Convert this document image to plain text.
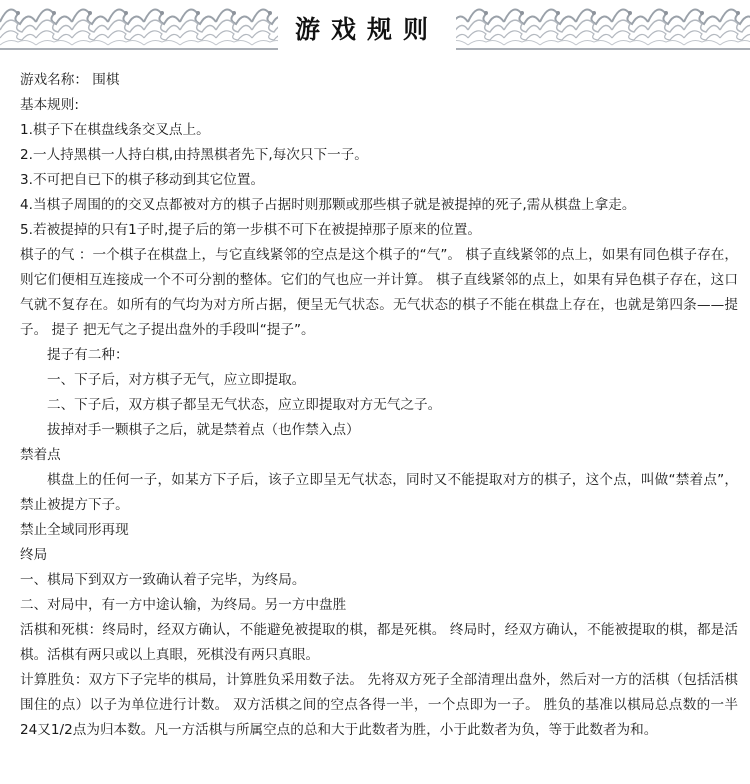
游戏规则

游戏名称： 围棋

基本规则:

1.棋子下在棋盘线条交叉点上。

2.一人持黑棋一人持白棋,由持黑棋者先下,每次只下一子。

3.不可把自已下的棋子移动到其它位置。

4.当棋子周围的的交叉点都被对方的棋子占据时则那颗或那些棋子就是被提掉的死子,需从棋盘上拿走。

5.若被提掉的只有1子时,提子后的第一步棋不可下在被提掉那子原来的位置。

棋子的气 ：一个棋子在棋盘上，与它直线紧邻的空点是这个棋子的“气”。 棋子直线紧邻的点上，如果有同色棋子存在，则它们便相互连接成一个不可分割的整体。它们的气也应一并计算。 棋子直线紧邻的点上，如果有异色棋子存在，这口气就不复存在。如所有的气均为对方所占据，便呈无气状态。无气状态的棋子不能在棋盘上存在，也就是第四条——提子。 提子 把无气之子提出盘外的手段叫“提子”。

提子有二种：

一、下子后，对方棋子无气，应立即提取。

二、下子后，双方棋子都呈无气状态，应立即提取对方无气之子。

拔掉对手一颗棋子之后，就是禁着点（也作禁入点）

禁着点

棋盘上的任何一子，如某方下子后，该子立即呈无气状态，同时又不能提取对方的棋子，这个点，叫做“禁着点”，禁止被提方下子。

禁止全域同形再现

终局

一、棋局下到双方一致确认着子完毕，为终局。

二、对局中，有一方中途认输，为终局。另一方中盘胜

活棋和死棋：终局时，经双方确认，不能避免被提取的棋，都是死棋。 终局时，经双方确认，不能被提取的棋，都是活棋。活棋有两只或以上真眼，死棋没有两只真眼。

计算胜负：双方下子完毕的棋局，计算胜负采用数子法。 先将双方死子全部清理出盘外，然后对一方的活棋（包括活棋围住的点）以子为单位进行计数。 双方活棋之间的空点各得一半，一个点即为一子。 胜负的基准以棋局总点数的一半24又1/2点为归本数。凡一方活棋与所属空点的总和大于此数者为胜，小于此数者为负，等于此数者为和。
